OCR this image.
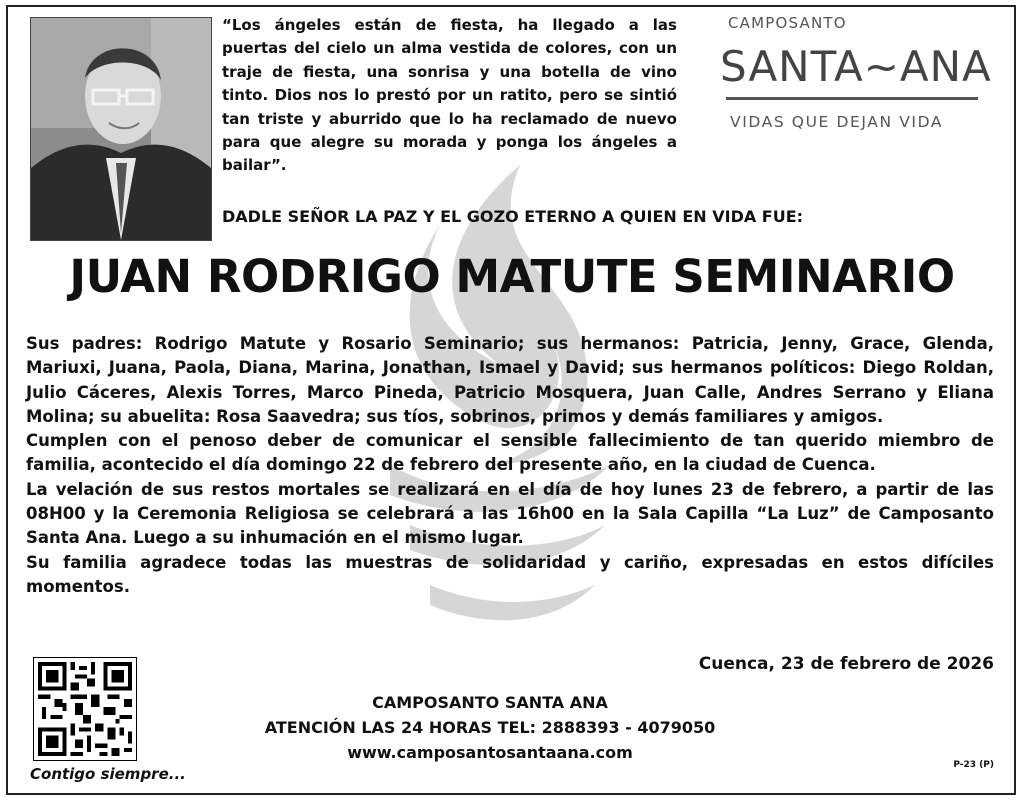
“Los ángeles están de fiesta, ha llegado a las puertas del cielo un alma vestida de colores, con un traje de fiesta, una sonrisa y una botella de vino tinto. Dios nos lo prestó por un ratito, pero se sintió tan triste y aburrido que lo ha reclamado de nuevo para que alegre su morada y ponga los ángeles a bailar”.
CAMPOSANTO
SANTA~ANA
VIDAS QUE DEJAN VIDA
DADLE SEÑOR LA PAZ Y EL GOZO ETERNO A QUIEN EN VIDA FUE:
JUAN RODRIGO MATUTE SEMINARIO

Sus padres: Rodrigo Matute y Rosario Seminario; sus hermanos: Patricia, Jenny, Grace, Glenda, Mariuxi, Juana, Paola, Diana, Marina, Jonathan, Ismael y David; sus hermanos políticos: Diego Roldan, Julio Cáceres, Alexis Torres, Marco Pineda, Patricio Mosquera, Juan Calle, Andres Serrano y Eliana Molina; su abuelita: Rosa Saavedra; sus tíos, sobrinos, primos y demás familiares y amigos.

Cumplen con el penoso deber de comunicar el sensible fallecimiento de tan querido miembro de familia, acontecido el día domingo 22 de febrero del presente año, en la ciudad de Cuenca.

La velación de sus restos mortales se realizará en el día de hoy lunes 23 de febrero, a partir de las 08H00 y la Ceremonia Religiosa se celebrará a las 16h00 en la Sala Capilla “La Luz” de Camposanto Santa Ana. Luego a su inhumación en el mismo lugar.

Su familia agradece todas las muestras de solidaridad y cariño, expresadas en estos difíciles momentos.

Cuenca, 23 de febrero de 2026
Contigo siempre...
CAMPOSANTO SANTA ANA
ATENCIÓN LAS 24 HORAS TEL: 2888393 - 4079050
www.camposantosantaana.com
P-23 (P)
